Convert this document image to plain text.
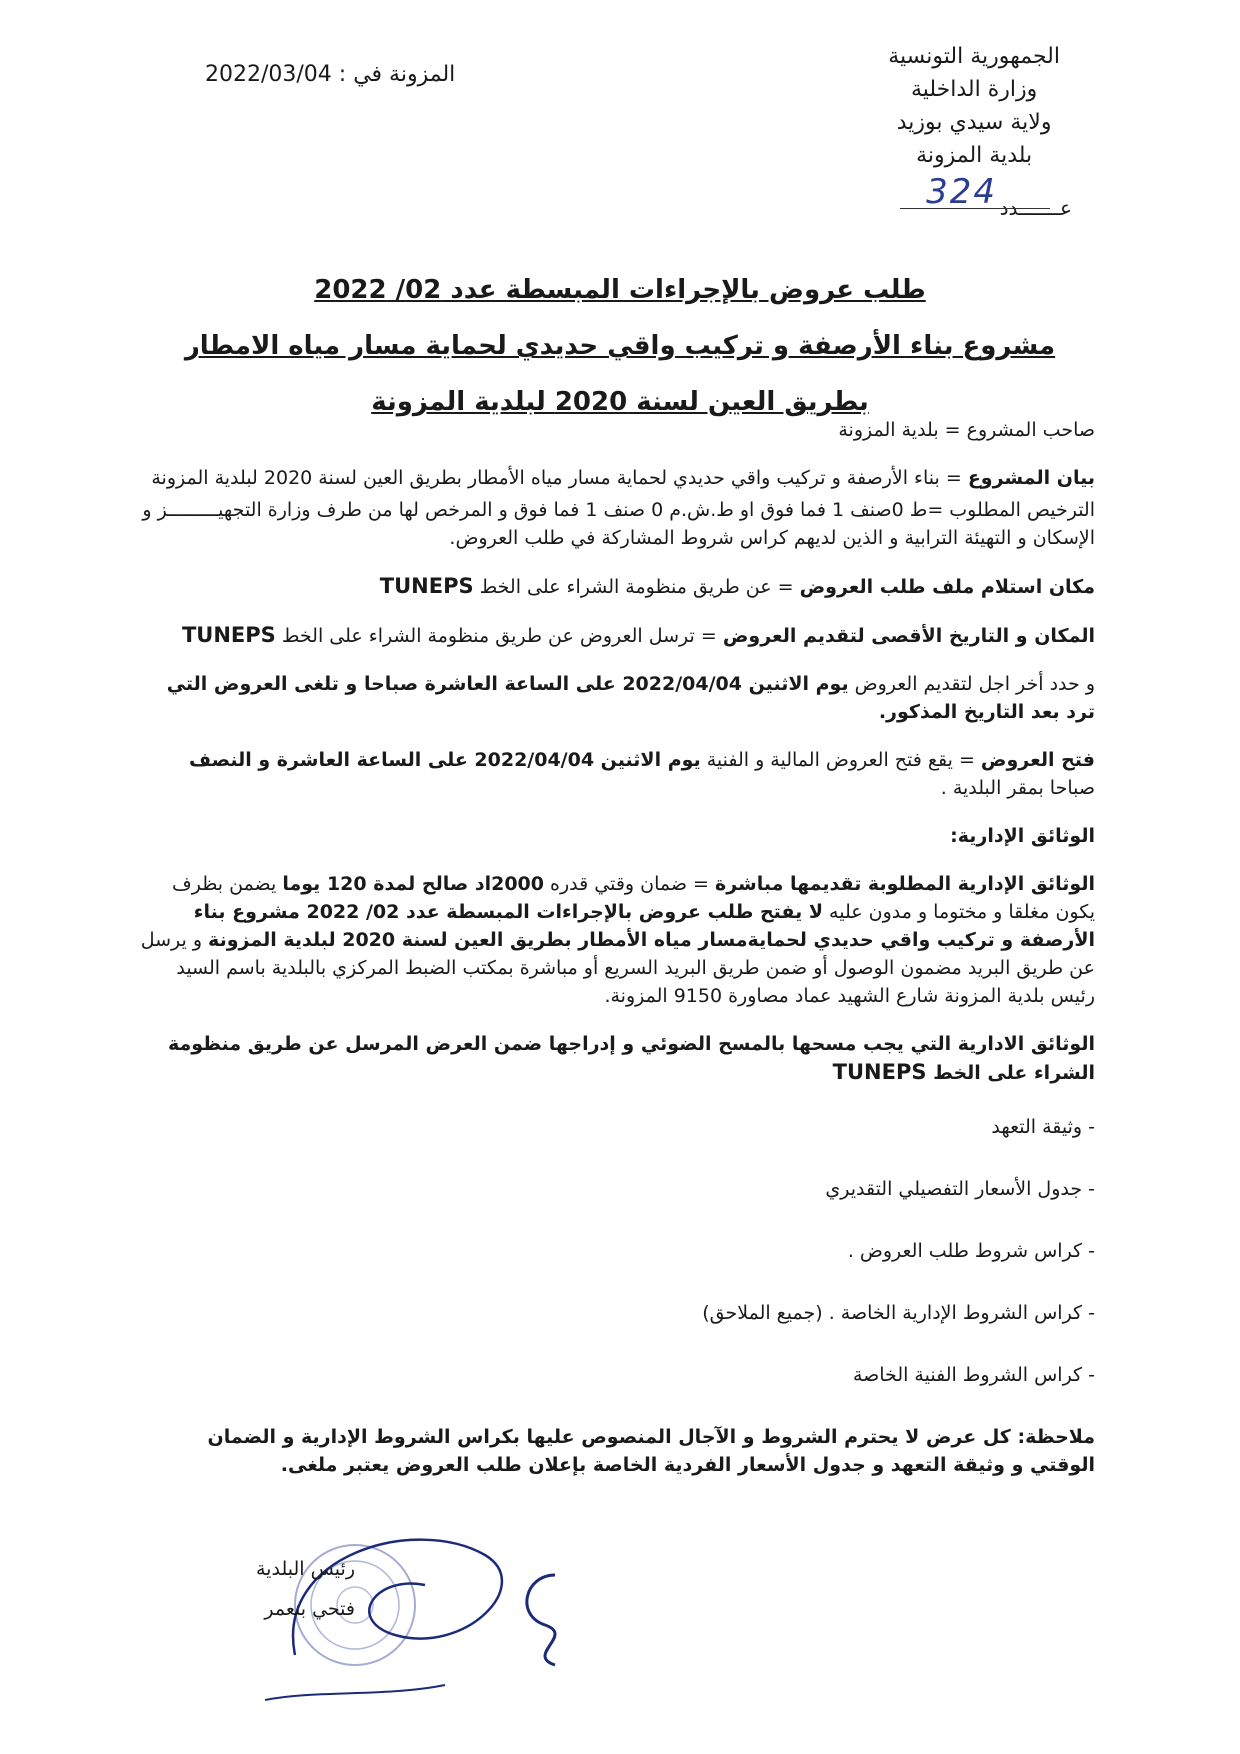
الجمهورية التونسية
وزارة الداخلية
ولاية سيدي بوزيد
بلدية المزونة
المزونة في : 2022/03/04
عـــــــدد
324
طلب عروض بالإجراءات المبسطة عدد 02/ 2022
مشروع بناء الأرصفة و تركيب واقي حديدي لحماية مسار مياه الامطار
بطريق العين لسنة 2020 لبلدية المزونة

صاحب المشروع = بلدية المزونة

بيان المشروع = بناء الأرصفة و تركيب واقي حديدي لحماية مسار مياه الأمطار بطريق العين لسنة 2020 لبلدية المزونة

الترخيص المطلوب =ط 0صنف 1 فما فوق او ط.ش.م 0 صنف 1 فما فوق و المرخص لها من طرف وزارة التجهيـــــــــز و الإسكان و التهيئة الترابية و الذين لديهم كراس شروط المشاركة في طلب العروض.

مكان استلام ملف طلب العروض = عن طريق منظومة الشراء على الخط TUNEPS

المكان و التاريخ الأقصى لتقديم العروض = ترسل العروض عن طريق منظومة الشراء على الخط TUNEPS

و حدد أخر اجل لتقديم العروض يوم الاثنين 2022/04/04 على الساعة العاشرة صباحا و تلغى العروض التي ترد بعد التاريخ المذكور.

فتح العروض = يقع فتح العروض المالية و الفنية يوم الاثنين 2022/04/04 على الساعة العاشرة و النصف صباحا بمقر البلدية .

الوثائق الإدارية:

الوثائق الإدارية المطلوبة تقديمها مباشرة = ضمان وقتي قدره 2000اد صالح لمدة 120 يوما يضمن بظرف يكون مغلقا و مختوما و مدون عليه لا يفتح طلب عروض بالإجراءات المبسطة عدد 02/ 2022 مشروع بناء الأرصفة و تركيب واقي حديدي لحمايةمسار مياه الأمطار بطريق العين لسنة 2020 لبلدية المزونة و يرسل عن طريق البريد مضمون الوصول أو ضمن طريق البريد السريع أو مباشرة بمكتب الضبط المركزي بالبلدية باسم السيد رئيس بلدية المزونة شارع الشهيد عماد مصاورة 9150 المزونة.

الوثائق الادارية التي يجب مسحها بالمسح الضوئي و إدراجها ضمن العرض المرسل عن طريق منظومة الشراء على الخط TUNEPS

- وثيقة التعهد

- جدول الأسعار التفصيلي التقديري

- كراس شروط طلب العروض .

- كراس الشروط الإدارية الخاصة . (جميع الملاحق)

- كراس الشروط الفنية الخاصة

ملاحظة: كل عرض لا يحترم الشروط و الآجال المنصوص عليها بكراس الشروط الإدارية و الضمان الوقتي و وثيقة التعهد و جدول الأسعار الفردية الخاصة بإعلان طلب العروض يعتبر ملغى.

رئيس البلدية
فتحي بنعمر
